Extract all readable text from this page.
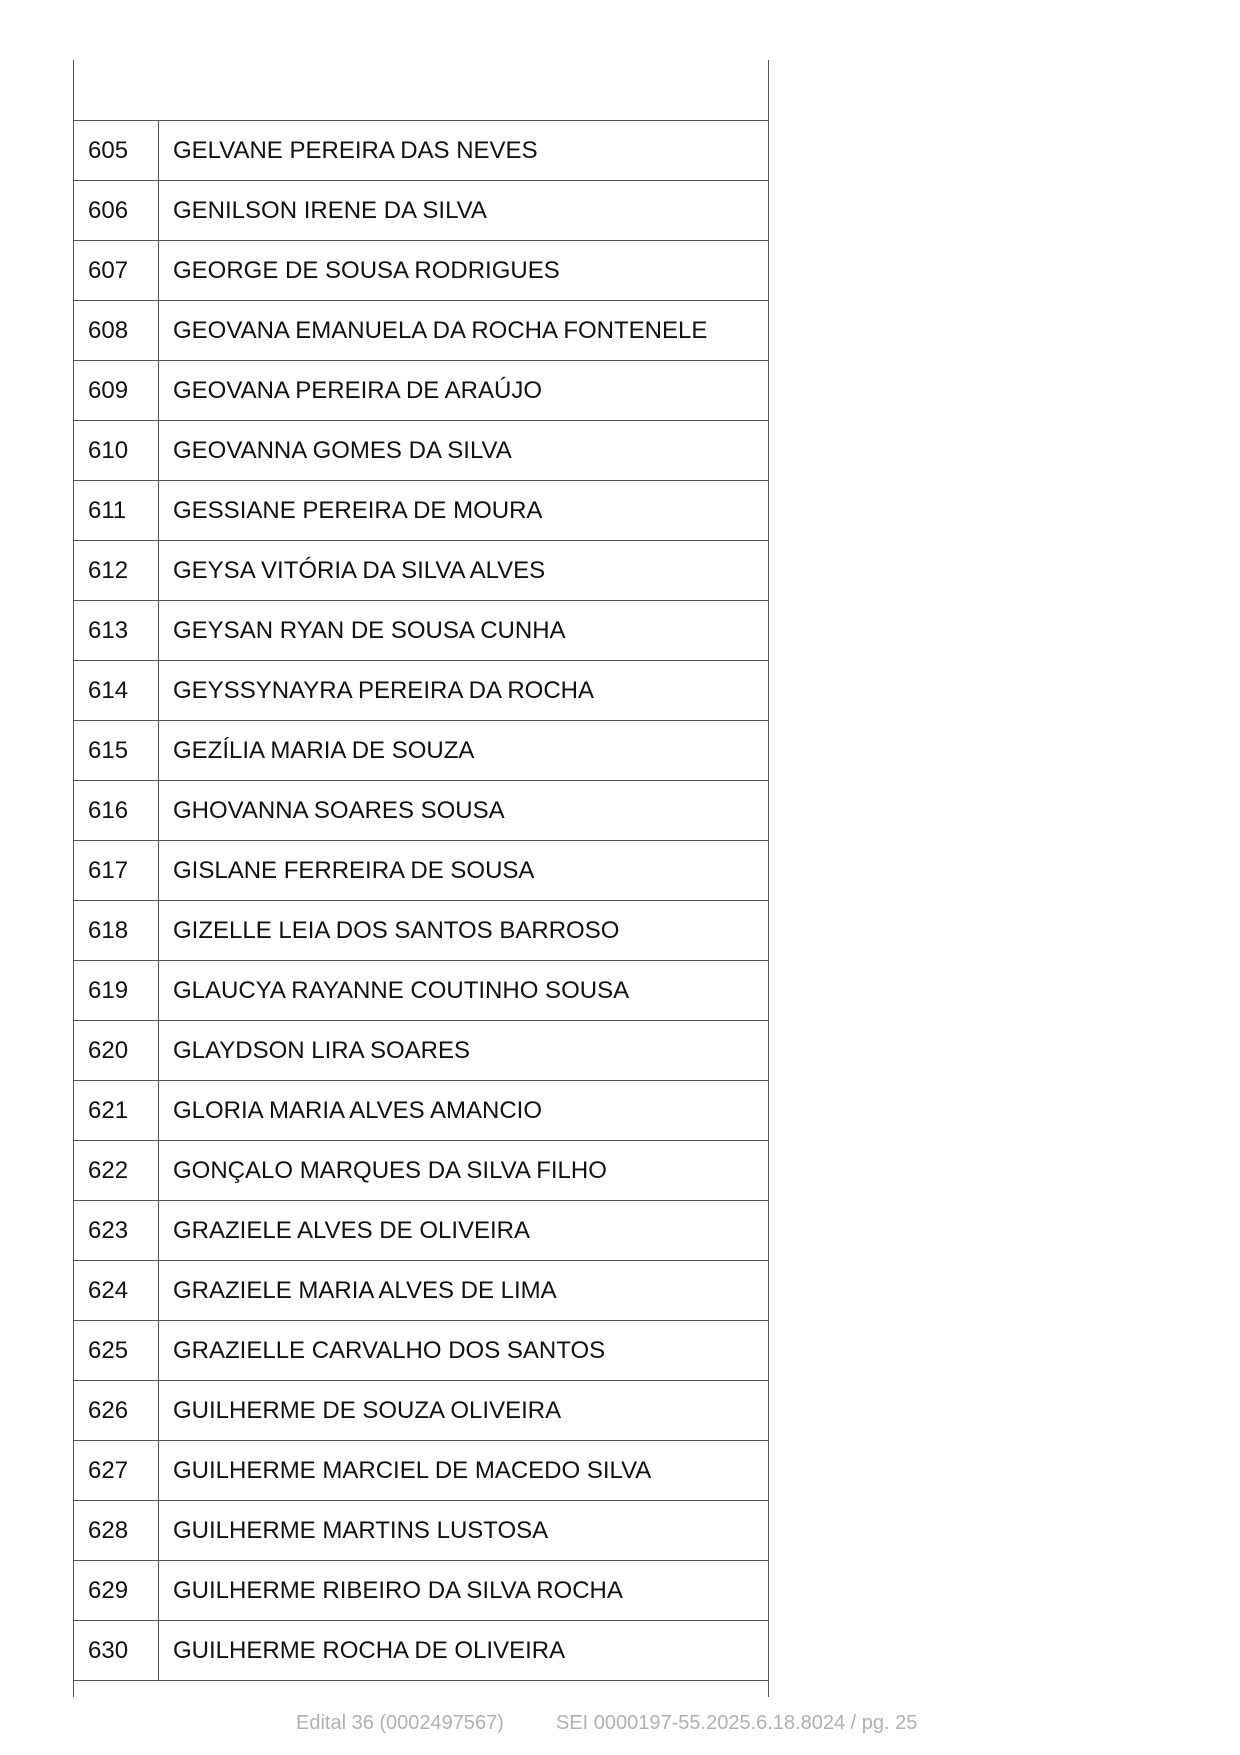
605	GELVANE PEREIRA DAS NEVES
606	GENILSON IRENE DA SILVA
607	GEORGE DE SOUSA RODRIGUES
608	GEOVANA EMANUELA DA ROCHA FONTENELE
609	GEOVANA PEREIRA DE ARAÚJO
610	GEOVANNA GOMES DA SILVA
611	GESSIANE PEREIRA DE MOURA
612	GEYSA VITÓRIA DA SILVA ALVES
613	GEYSAN RYAN DE SOUSA CUNHA
614	GEYSSYNAYRA PEREIRA DA ROCHA
615	GEZÍLIA MARIA DE SOUZA
616	GHOVANNA SOARES SOUSA
617	GISLANE FERREIRA DE SOUSA
618	GIZELLE LEIA DOS SANTOS BARROSO
619	GLAUCYA RAYANNE COUTINHO SOUSA
620	GLAYDSON LIRA SOARES
621	GLORIA MARIA ALVES AMANCIO
622	GONÇALO MARQUES DA SILVA FILHO
623	GRAZIELE ALVES DE OLIVEIRA
624	GRAZIELE MARIA ALVES DE LIMA
625	GRAZIELLE CARVALHO DOS SANTOS
626	GUILHERME DE SOUZA OLIVEIRA
627	GUILHERME MARCIEL DE MACEDO SILVA
628	GUILHERME MARTINS LUSTOSA
629	GUILHERME RIBEIRO DA SILVA ROCHA
630	GUILHERME ROCHA DE OLIVEIRA
Edital 36 (0002497567)	SEI 0000197-55.2025.6.18.8024 / pg. 25
